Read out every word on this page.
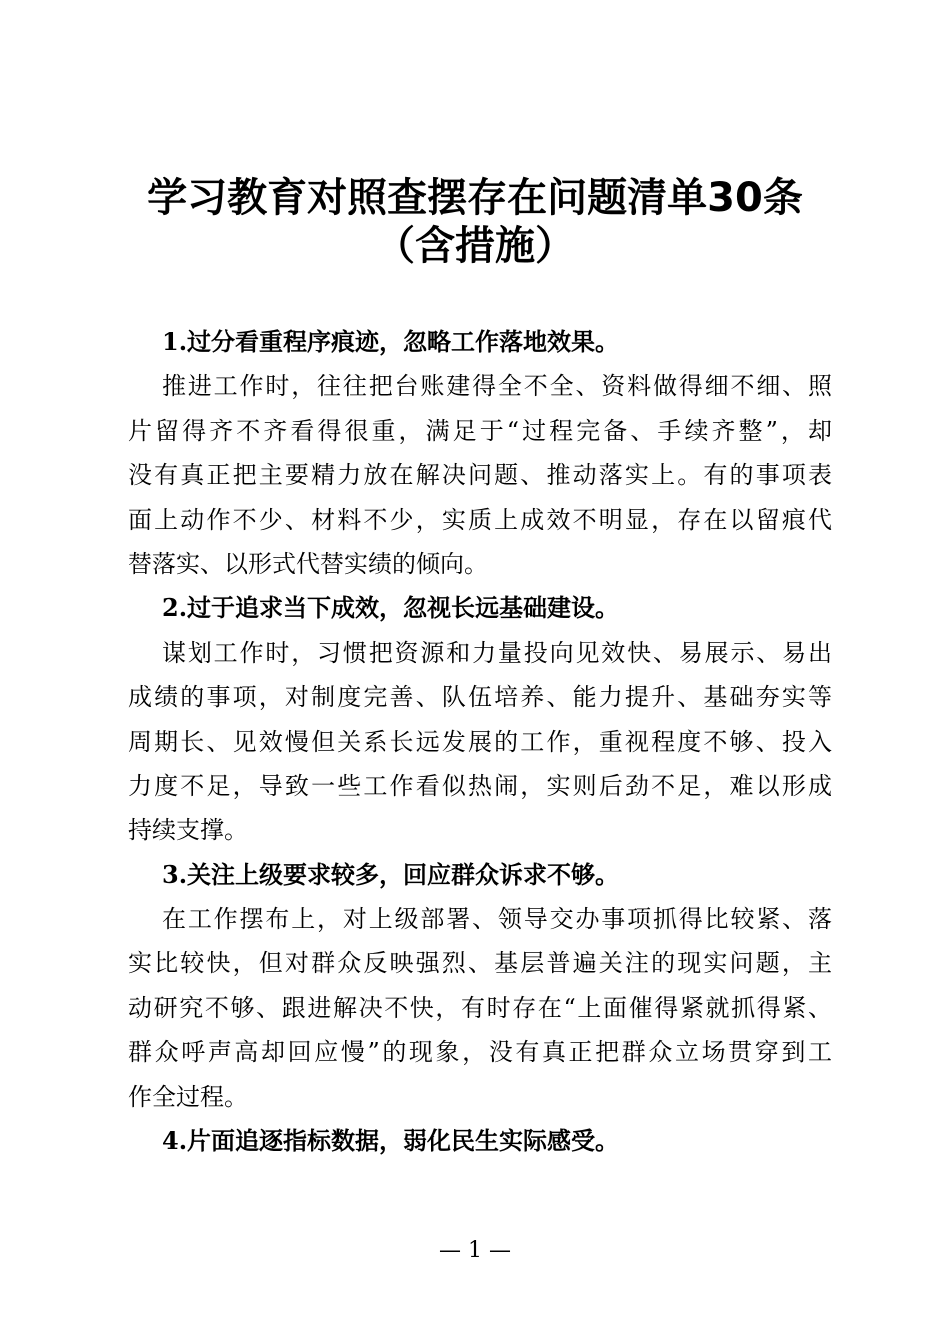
学习教育对照查摆存在问题清单30条
（含措施）
1.过分看重程序痕迹，忽略工作落地效果。
推进工作时，往往把台账建得全不全、资料做得细不细、照
片留得齐不齐看得很重，满足于“过程完备、手续齐整”，却
没有真正把主要精力放在解决问题、推动落实上。有的事项表
面上动作不少、材料不少，实质上成效不明显，存在以留痕代
替落实、以形式代替实绩的倾向。
2.过于追求当下成效，忽视长远基础建设。
谋划工作时，习惯把资源和力量投向见效快、易展示、易出
成绩的事项，对制度完善、队伍培养、能力提升、基础夯实等
周期长、见效慢但关系长远发展的工作，重视程度不够、投入
力度不足，导致一些工作看似热闹，实则后劲不足，难以形成
持续支撑。
3.关注上级要求较多，回应群众诉求不够。
在工作摆布上，对上级部署、领导交办事项抓得比较紧、落
实比较快，但对群众反映强烈、基层普遍关注的现实问题，主
动研究不够、跟进解决不快，有时存在“上面催得紧就抓得紧、
群众呼声高却回应慢”的现象，没有真正把群众立场贯穿到工
作全过程。
4.片面追逐指标数据，弱化民生实际感受。
— 1 —
